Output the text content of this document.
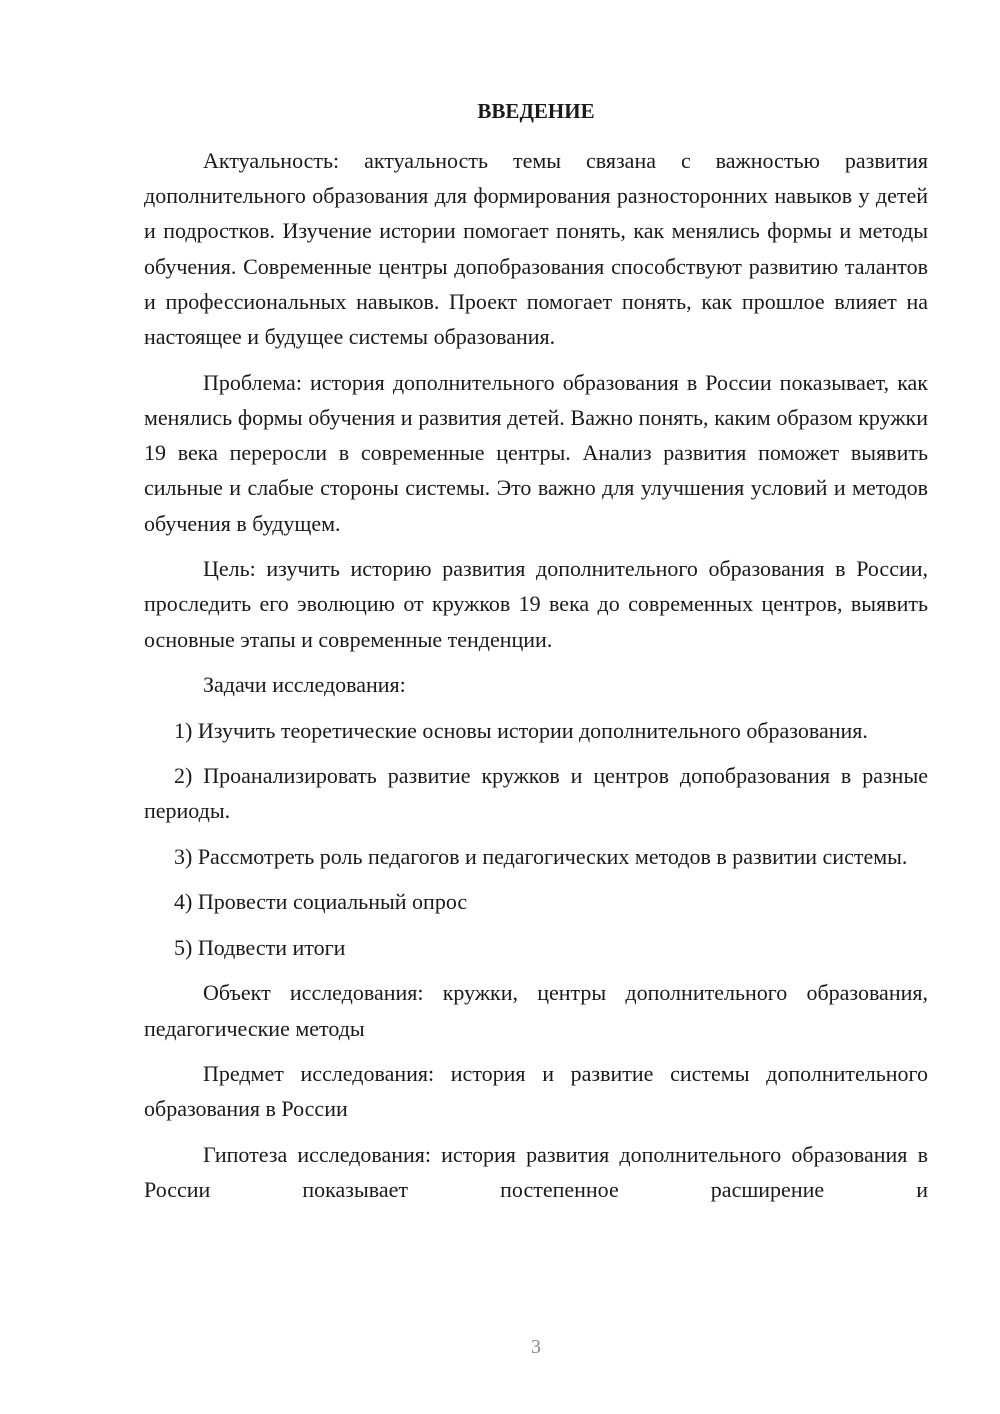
ВВЕДЕНИЕ

Актуальность: актуальность темы связана с важностью развития дополнительного образования для формирования разносторонних навыков у детей и подростков. Изучение истории помогает понять, как менялись формы и методы обучения. Современные центры допобразования способствуют развитию талантов и профессиональных навыков. Проект помогает понять, как прошлое влияет на настоящее и будущее системы образования.

Проблема: история дополнительного образования в России показывает, как менялись формы обучения и развития детей. Важно понять, каким образом кружки 19 века переросли в современные центры. Анализ развития поможет выявить сильные и слабые стороны системы. Это важно для улучшения условий и методов обучения в будущем.

Цель: изучить историю развития дополнительного образования в России, проследить его эволюцию от кружков 19 века до современных центров, выявить основные этапы и современные тенденции.

Задачи исследования:

1) Изучить теоретические основы истории дополнительного образования.

2) Проанализировать развитие кружков и центров допобразования в разные периоды.

3) Рассмотреть роль педагогов и педагогических методов в развитии системы.

4) Провести социальный опрос

5) Подвести итоги

Объект исследования: кружки, центры дополнительного образования, педагогические методы

Предмет исследования: история и развитие системы дополнительного образования в России

Гипотеза исследования: история развития дополнительного образования в России показывает постепенное расширение и

3
